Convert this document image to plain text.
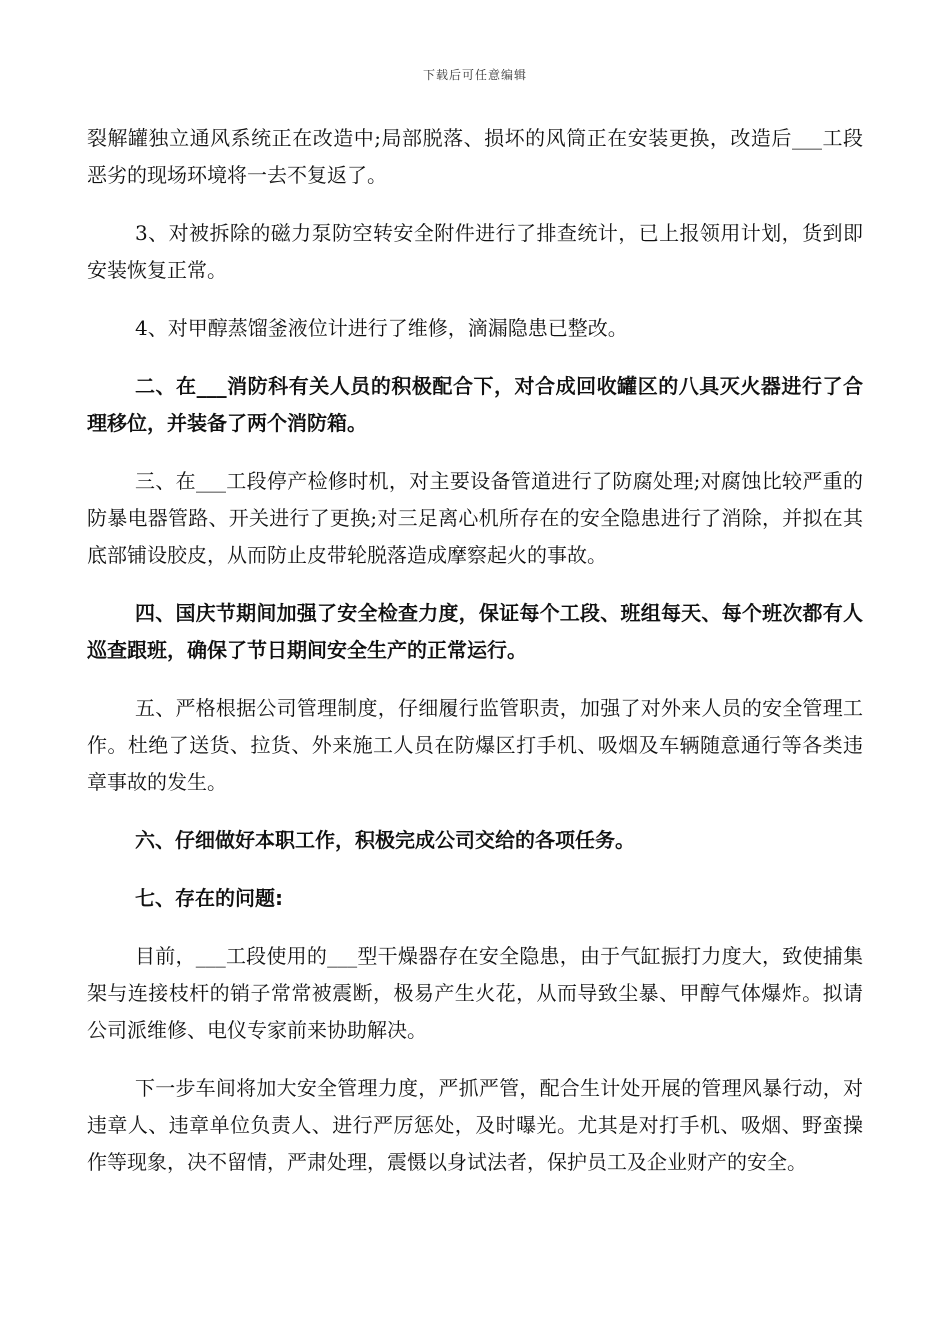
下载后可任意编辑

裂解罐独立通风系统正在改造中;局部脱落、损坏的风筒正在安装更换，改造后___工段恶劣的现场环境将一去不复返了。

3、对被拆除的磁力泵防空转安全附件进行了排查统计，已上报领用计划，货到即安装恢复正常。

4、对甲醇蒸馏釜液位计进行了维修，滴漏隐患已整改。

二、在___消防科有关人员的积极配合下，对合成回收罐区的八具灭火器进行了合理移位，并装备了两个消防箱。

三、在___工段停产检修时机，对主要设备管道进行了防腐处理;对腐蚀比较严重的防暴电器管路、开关进行了更换;对三足离心机所存在的安全隐患进行了消除，并拟在其底部铺设胶皮，从而防止皮带轮脱落造成摩察起火的事故。

四、国庆节期间加强了安全检查力度，保证每个工段、班组每天、每个班次都有人巡查跟班，确保了节日期间安全生产的正常运行。

五、严格根据公司管理制度，仔细履行监管职责，加强了对外来人员的安全管理工作。杜绝了送货、拉货、外来施工人员在防爆区打手机、吸烟及车辆随意通行等各类违章事故的发生。

六、仔细做好本职工作，积极完成公司交给的各项任务。

七、存在的问题:

目前，___工段使用的___型干燥器存在安全隐患，由于气缸振打力度大，致使捕集架与连接枝杆的销子常常被震断，极易产生火花，从而导致尘暴、甲醇气体爆炸。拟请公司派维修、电仪专家前来协助解决。

下一步车间将加大安全管理力度，严抓严管，配合生计处开展的管理风暴行动，对违章人、违章单位负责人、进行严厉惩处，及时曝光。尤其是对打手机、吸烟、野蛮操作等现象，决不留情，严肃处理，震慑以身试法者，保护员工及企业财产的安全。
